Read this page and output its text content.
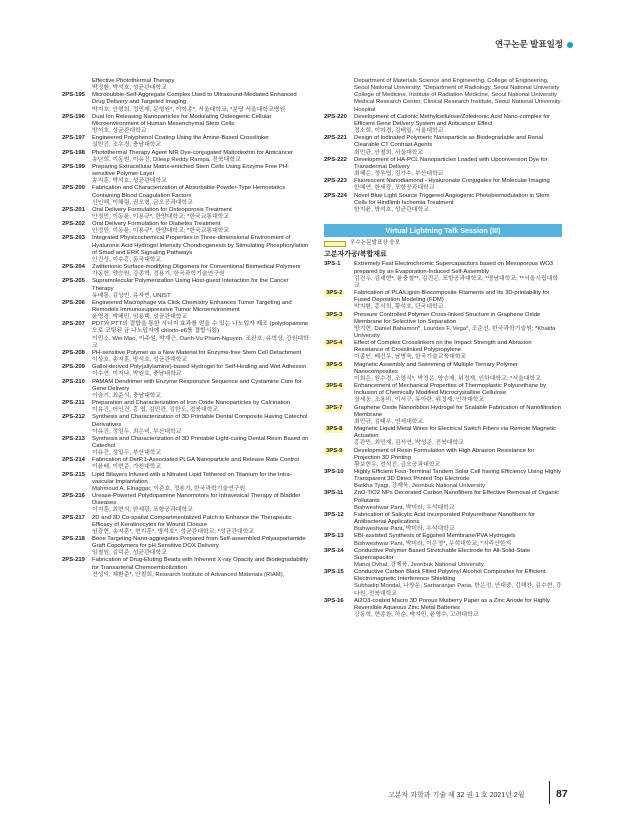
연구논문 발표일정
Effective Photothermal Therapy
박정환, 박석호, 성균관대학교
2PS-195 Microbubble-Self-Aggregate Complex Used to Ultrasound-Mediated Enhanced Drug Delivery and Targeted Imaging
박지호, 안형희, 정민재, 문형원*, 이학종*, 서울대학교; *분당 서울대학교병원
2PS-196 Dual Ion Releasing Nanoparticles for Modulating Osteogenic Cellular Microenvironment of Human Mesenchymal Stem Cells
방석호, 성균관대학교
2PS-197 Engineered Polyphenol Coating Using the Amine-Based Crosslinker
설민진, 조우경, 충남대학교
2PS-198 Photothermal Therapy Agent NIR Dye-conjugated Maltodextrin for Anticancer
송난희, 이동원, 이유진, Dileep Reddy Rampa, 전북대학교
2PS-199 Preparing Extracellular Matrix-enriched Stem Cells Using Enzyme Free PH-sensitive Polymer Layer
송지훈, 박석호, 성균관대학교
2PS-200 Fabrication and Characterization of Absorbable Powder-Type Hemostatics Containing Blood Coagulation Factors
신인해, 이혜림, 권오형, 금오공과대학교
2PS-201 Oral Delivery Formulation for Osteoporosis Treatment
안정민, 이동윤, 이용규*, 한양대학교; *한국교통대학교
2PS-202 Oral Delivery Formulation for Diabetes Treatment
안정민, 이동윤, 이용규*, 한양대학교; *한국교통대학교
2PS-203 Integrated Physicochemical Properties in Three-dimensional Environment of Hyaluronic Acid Hydrogel Intensity Chondrogenesis by Stimulating Phosphorylation of Smad and ERK Signaling Pathways
안진성, 이수홍, 동국대학교
2PS-204 Zwitterionic Surface-modifying Oligomers for Conventional Biomedical Polymers
가동헌, 양승원, 강종혁, 정용기, 한국과학기술연구원
2PS-205 Supramolecular Polymerization Using Host-guest Interaction for the Cancer Therapy
유배통, 김상빈, 유자빈, UNIST
2PS-206 Engineered Macrophage via Click Chemistry Enhances Tumor Targeting and Remodels Immunosuppressive Tumor Microenvironment
윤영경, 박혜민, 임용택, 성균관대학교
2PS-207 PDT와 PTT의 결합을 통한 시너지 효과를 얻을 수 있는 나노입자 제조 (polydopamine으로 코팅된 금 나노입자에 chlorin-e6를 결합시킴)
이민소, Wei Mao, 이주원, 박재근, Oanh-Vu Pham-Nguyen, 조완호, 유혁상, 강원대학교
2PS-208 PH-sensitive Polymer as a New Material for Enzyme-free Stem Cell Detachment
이상호, 송지훈, 방석호, 성균관대학교
2PS-209 Gallol-derived Poly(allylamine)-based Hydrogel for Self-Healing and Wet Adhesion
이수연, 이지나, 박원호, 충남대학교
2PS-210 PAMAM Dendrimer with Enzyme Responsive Sequence and Cystamine Core for Gene Delivery
이슬기, 최준식, 충남대학교
2PS-211 Preparation and Characterization of Iron Oxide Nanoparticles by Calcination
이유진, 어인건, 홍 엽, 김민관, 김한도, 경북대학교
2PS-212 Synthesis and Characterization of 3D Printable Dental Composite Having Catechol Derivatives
이유진, 정일두, 최은비, 부산대학교
2PS-213 Synthesis and Characterization of 3D Printable Light-curing Dental Resin Based on Catechol
이유진, 정일두, 부산대학교
2PS-214 Fabrication of DerP.1-Associated PLGA Nanoparticle and Release Rate Control
이윤배, 이현준, 가천대학교
2PS-215 Lipid Bilayers Infused with a Nitrated Lipid Tethered on Titanium for the Intra-vascular Implantation
Mahmoud A. Elnaggar, 이준호, 정용기, 한국과학기술연구원
2PS-216 Urease-Powered Polydopamine Nanomotors for Intravesical Therapy of Bladder Diseases
이지훈, 최현식, 한세광, 포항공과대학교
2PS-217 2D and 3D Co-spatial Compartmentalized Patch to Enhance the Therapeutic Efficacy of Keratinocytes for Wound Closure
임광현, 송지훈*, 현지훈*, 방석호*, 성균관대학교; *성균관대학교
2PS-218 Bone Targeting Nano-aggregates Prepared from Self-assembled Polyaspartamide Graft Copolymers for pH Sensitive DOX Delivery
임철원, 김덕준, 성균관대학교
2PS-219 Fabrication of Drug-Eluting Beads with Inherent X-ray Opacity and Biodegradability for Transarterial Chemoembolization
전성익, 제환준*, 안철희, Research Institute of Advanced Materials (RIAM),
Department of Materials Science and Engineering, College of Engineering, Seoul National University; *Department of Radiology, Seoul National University College of Medicine, Institute of Radiation Medicine, Seoul National University Medical Research Center, Clinical Research Institute, Seoul National University Hospital
2PS-220 Development of Cationic Methylcellulose/Zoledronic Acid Nano-complex for Efficient Gene Delivery System and Anticancer Effect
정소희, 이미경, 김태일, 서울대학교
2PS-221 Design of Iodinated Polymeric Nanoparticle as Biodegradable and Renal Clearable CT Contrast Agents
최민규, 안철희, 서울대학교
2PS-222 Development of HA-PCL Nanoparticles Loaded with Upconversion Dye for Transdermal Delivery
최혜은, 정우엽, 김가수, 부산대학교
2PS-223 Fluorescent Nanodiamond - Hyaluronate Conjugates for Molecular Imaging
한혜연, 한세광, 포항공과대학교
2PS-224 Novel Blue Light Source Triggered Angiogenic Photobiomodulation in Stem Cells for Hindlimb Ischemia Treatment
한지윤, 방석호, 성균관대학교
Virtual Lightning Talk Session (III)
우수논문발표상 응모
고분자가공/복합재료
3PS-1 Extremely Fast Electrochromic Supercapacitors based on Mesoporous WO3 prepared by an Evaporation-Induced Self-Assembly
김건우, 김세현*, 윤충철**, 김진곤, 포항공과대학교; *명남대학교; **서울시립대학교
3PS-2	Fabrication of PLA/Lignin Biocomposite Filaments and Its 3D-printability for Fused Deposition Modeling (FDM)
박지환, 홍서희, 황석호, 단국대학교
3PS-3	Pressure Controlled Polymer Cross-linked Structure in Graphene Oxide Membrane for Selective Ion Separation
방기현, Daniel Bahamon*, Lourdes F. Vega*, 조준선, 한국과학기술원; *Khalifa University
3PS-4	Effect of Complex Crosslinkers on the Impact Strength and Abrasion Resistance of Crosslinked Polypropylene
이종인, 배진우, 남병욱, 한국기술교육대학교
3PS-5	Magnetic Assembly and Swimming of Multiple Ternary Polymer Nanocomposites
이희은, 원수경, 조영식*, 박정은, 양승재, 위정재, 인하대학교; *서울대학교
3PS-6	Enhancement of Mechanical Properties of Thermoplastic Polyurethane by Inclusion of Chemically Modified Microcrystalline Cellulose
장세웅, 조용비, 이서구, 유아란, 위정재, 인하대학교
3PS-7	Graphene Oxide Nanoribbon Hydrogel for Scalable Fabrication of Nanofiltration Membrane
최민규, 김태우, 연세대학교
3PS-8	Magnetic Liquid Metal Wires for Electrical Switch Fibers via Remote Magnetic Actuation
홍관민, 최민재, 김서연, 박성준, 전북대학교
3PS-9	Development of Resin Formulation with High Abrasion Resistance for Projection 3D Printing
황보현우, 전석진, 금오공과대학교
3PS-10 Highly Efficient Four-Terminal Tandem Solar Cell having Efficiency Using Highly Transparent 3D Direct Printed Top Electrode
Barkha Tyagi, 강제욱, Jeonbuk National University
3PS-11 ZnO-TiO2 NPs Decorated Carbon Nanofibers for Effective Removal of Organic Pollutants
Bishweshwar Pant, 박미라, 우석대학교
3PS-12 Fabrication of Salicylic Acid Incorporated Polyurethane Nanofibers for Antibacterial Applications
Bishweshwar Pant, 박미라, 우석대학교
3PS-13 EBI-assisted Synthesis of Eggshell Membrane/PVA Hydrogels
Bishweshwar Pant, 박미라, 이은정*, 우석대학교; *지리산한지
3PS-14 Conductive Polymer Based Stretchable Electrode for All-Solid-State Supercapacitor
Manoj Ovhal, 강제욱, Jeonbuk National University
3PS-15 Conductive Carbon Black Filled Polyvinyl Alcohol Composites for Efficient Electromagnetic Interference Shielding
Subhadip Mondal, 나창운, Sarbaranjan Paria, 한은정, 안대중, 김해찬, 김수현, 강다원, 전북대학교
3PS-16 Al2O3-coated Macro 3D Porous Mulberry Paper as a Zinc Anode for Highly Reversible Aqueous Zinc Metal Batteries
강동혁, 현종찬, 하순, 박지민, 윤영수, 고려대학교
고분자 과학과 기술 제 32 권 1 호 2021년 2월	87
